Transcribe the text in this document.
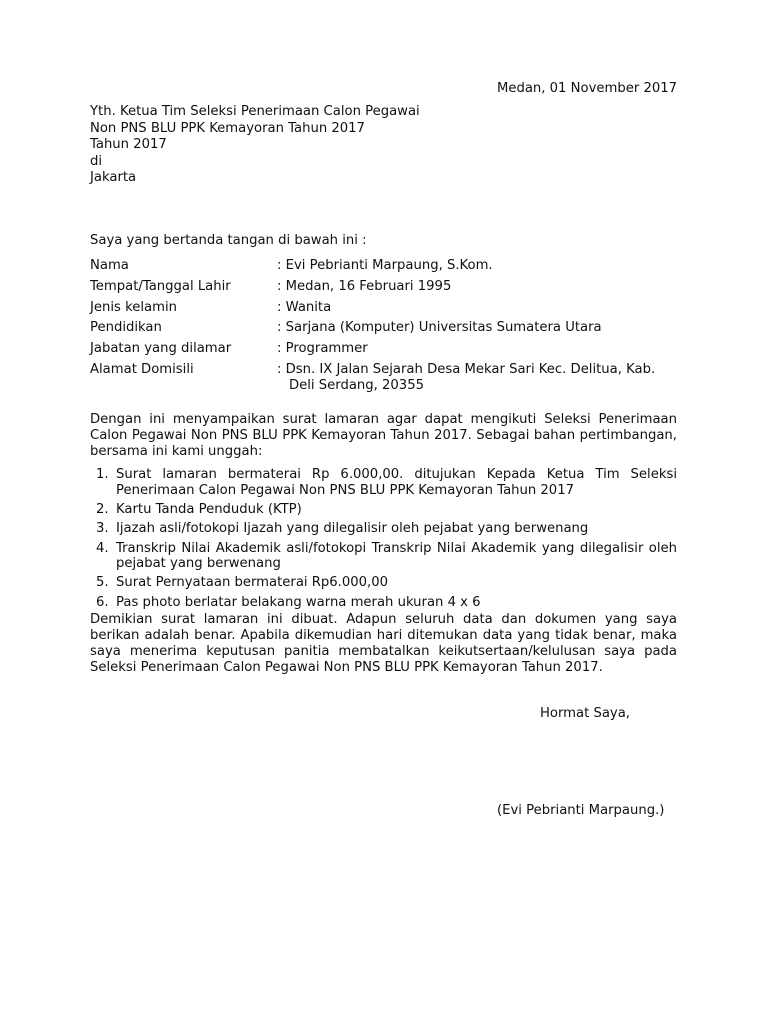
Medan, 01 November 2017
Yth. Ketua Tim Seleksi Penerimaan Calon Pegawai
Non PNS BLU PPK Kemayoran Tahun 2017
Tahun 2017
di
Jakarta
Saya yang bertanda tangan di bawah ini :
Nama	: Evi Pebrianti Marpaung, S.Kom.
Tempat/Tanggal Lahir	: Medan, 16 Februari 1995
Jenis kelamin	: Wanita
Pendidikan	: Sarjana (Komputer) Universitas Sumatera Utara
Jabatan yang dilamar	: Programmer
Alamat Domisili	: Dsn. IX Jalan Sejarah Desa Mekar Sari Kec. Delitua, Kab.
Deli Serdang, 20355
Dengan ini menyampaikan surat lamaran agar dapat mengikuti Seleksi Penerimaan Calon Pegawai Non PNS BLU PPK Kemayoran Tahun 2017. Sebagai bahan pertimbangan, bersama ini kami unggah:
1. Surat lamaran bermaterai Rp 6.000,00. ditujukan Kepada Ketua Tim Seleksi Penerimaan Calon Pegawai Non PNS BLU PPK Kemayoran Tahun 2017
2. Kartu Tanda Penduduk (KTP)
3. Ijazah asli/fotokopi Ijazah yang dilegalisir oleh pejabat yang berwenang
4. Transkrip Nilai Akademik asli/fotokopi Transkrip Nilai Akademik yang dilegalisir oleh pejabat yang berwenang
5. Surat Pernyataan bermaterai Rp6.000,00
6. Pas photo berlatar belakang warna merah ukuran 4 x 6
Demikian surat lamaran ini dibuat. Adapun seluruh data dan dokumen yang saya berikan adalah benar. Apabila dikemudian hari ditemukan data yang tidak benar, maka saya menerima keputusan panitia membatalkan keikutsertaan/kelulusan saya pada Seleksi Penerimaan Calon Pegawai Non PNS BLU PPK Kemayoran Tahun 2017.
Hormat Saya,
(Evi Pebrianti Marpaung.)
